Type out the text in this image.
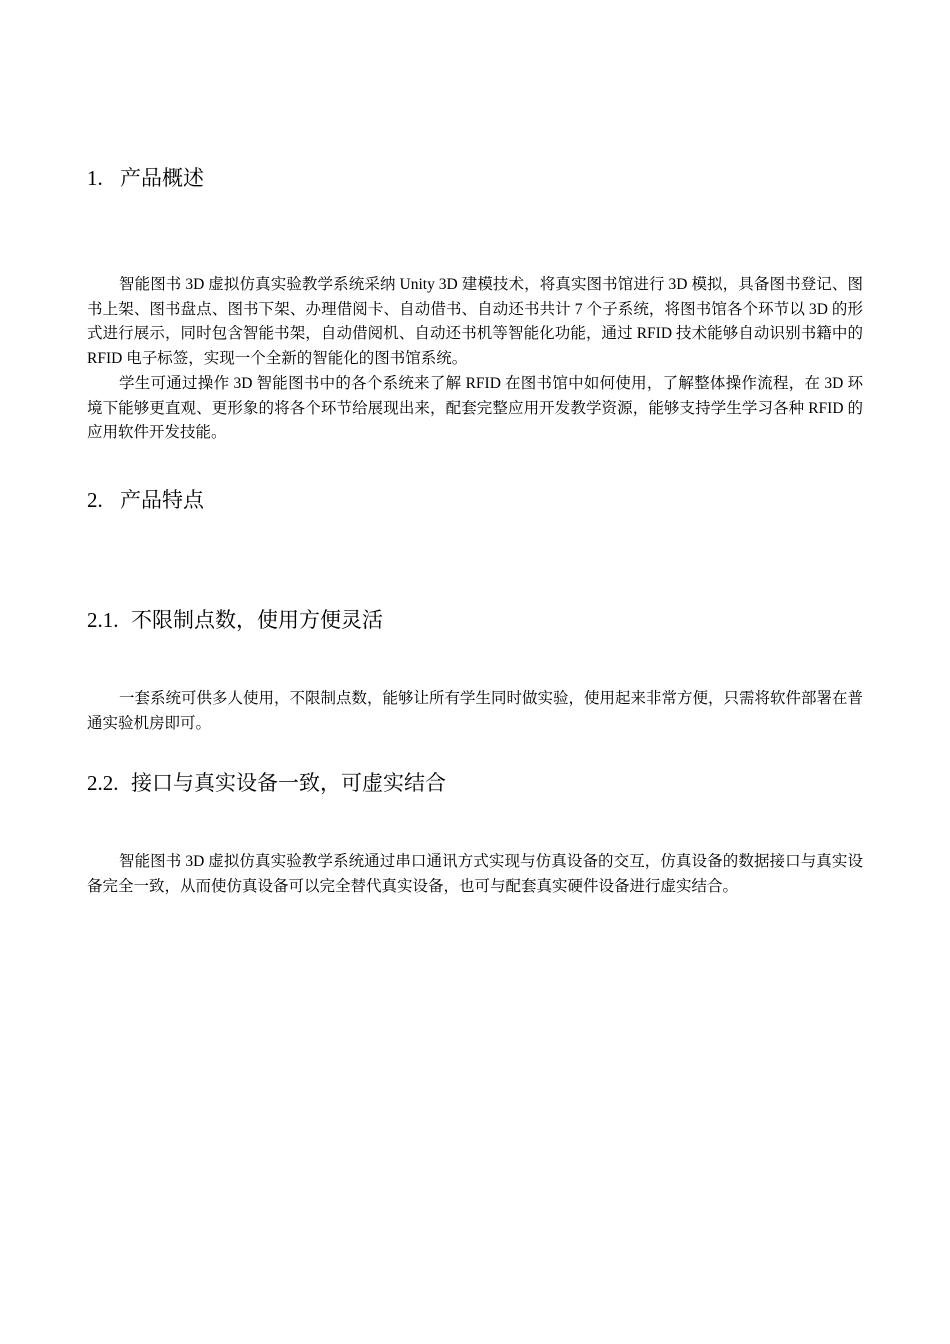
1. 产品概述

智能图书 3D 虚拟仿真实验教学系统采纳 Unity 3D 建模技术，将真实图书馆进行 3D 模拟，具备图书登记、图书上架、图书盘点、图书下架、办理借阅卡、自动借书、自动还书共计 7 个子系统，将图书馆各个环节以 3D 的形式进行展示，同时包含智能书架，自动借阅机、自动还书机等智能化功能，通过 RFID 技术能够自动识别书籍中的 RFID 电子标签，实现一个全新的智能化的图书馆系统。

学生可通过操作 3D 智能图书中的各个系统来了解 RFID 在图书馆中如何使用，了解整体操作流程，在 3D 环境下能够更直观、更形象的将各个环节给展现出来，配套完整应用开发教学资源，能够支持学生学习各种 RFID 的应用软件开发技能。

2. 产品特点
2.1. 不限制点数，使用方便灵活

一套系统可供多人使用，不限制点数，能够让所有学生同时做实验，使用起来非常方便，只需将软件部署在普通实验机房即可。

2.2. 接口与真实设备一致，可虚实结合

智能图书 3D 虚拟仿真实验教学系统通过串口通讯方式实现与仿真设备的交互，仿真设备的数据接口与真实设备完全一致，从而使仿真设备可以完全替代真实设备，也可与配套真实硬件设备进行虚实结合。
